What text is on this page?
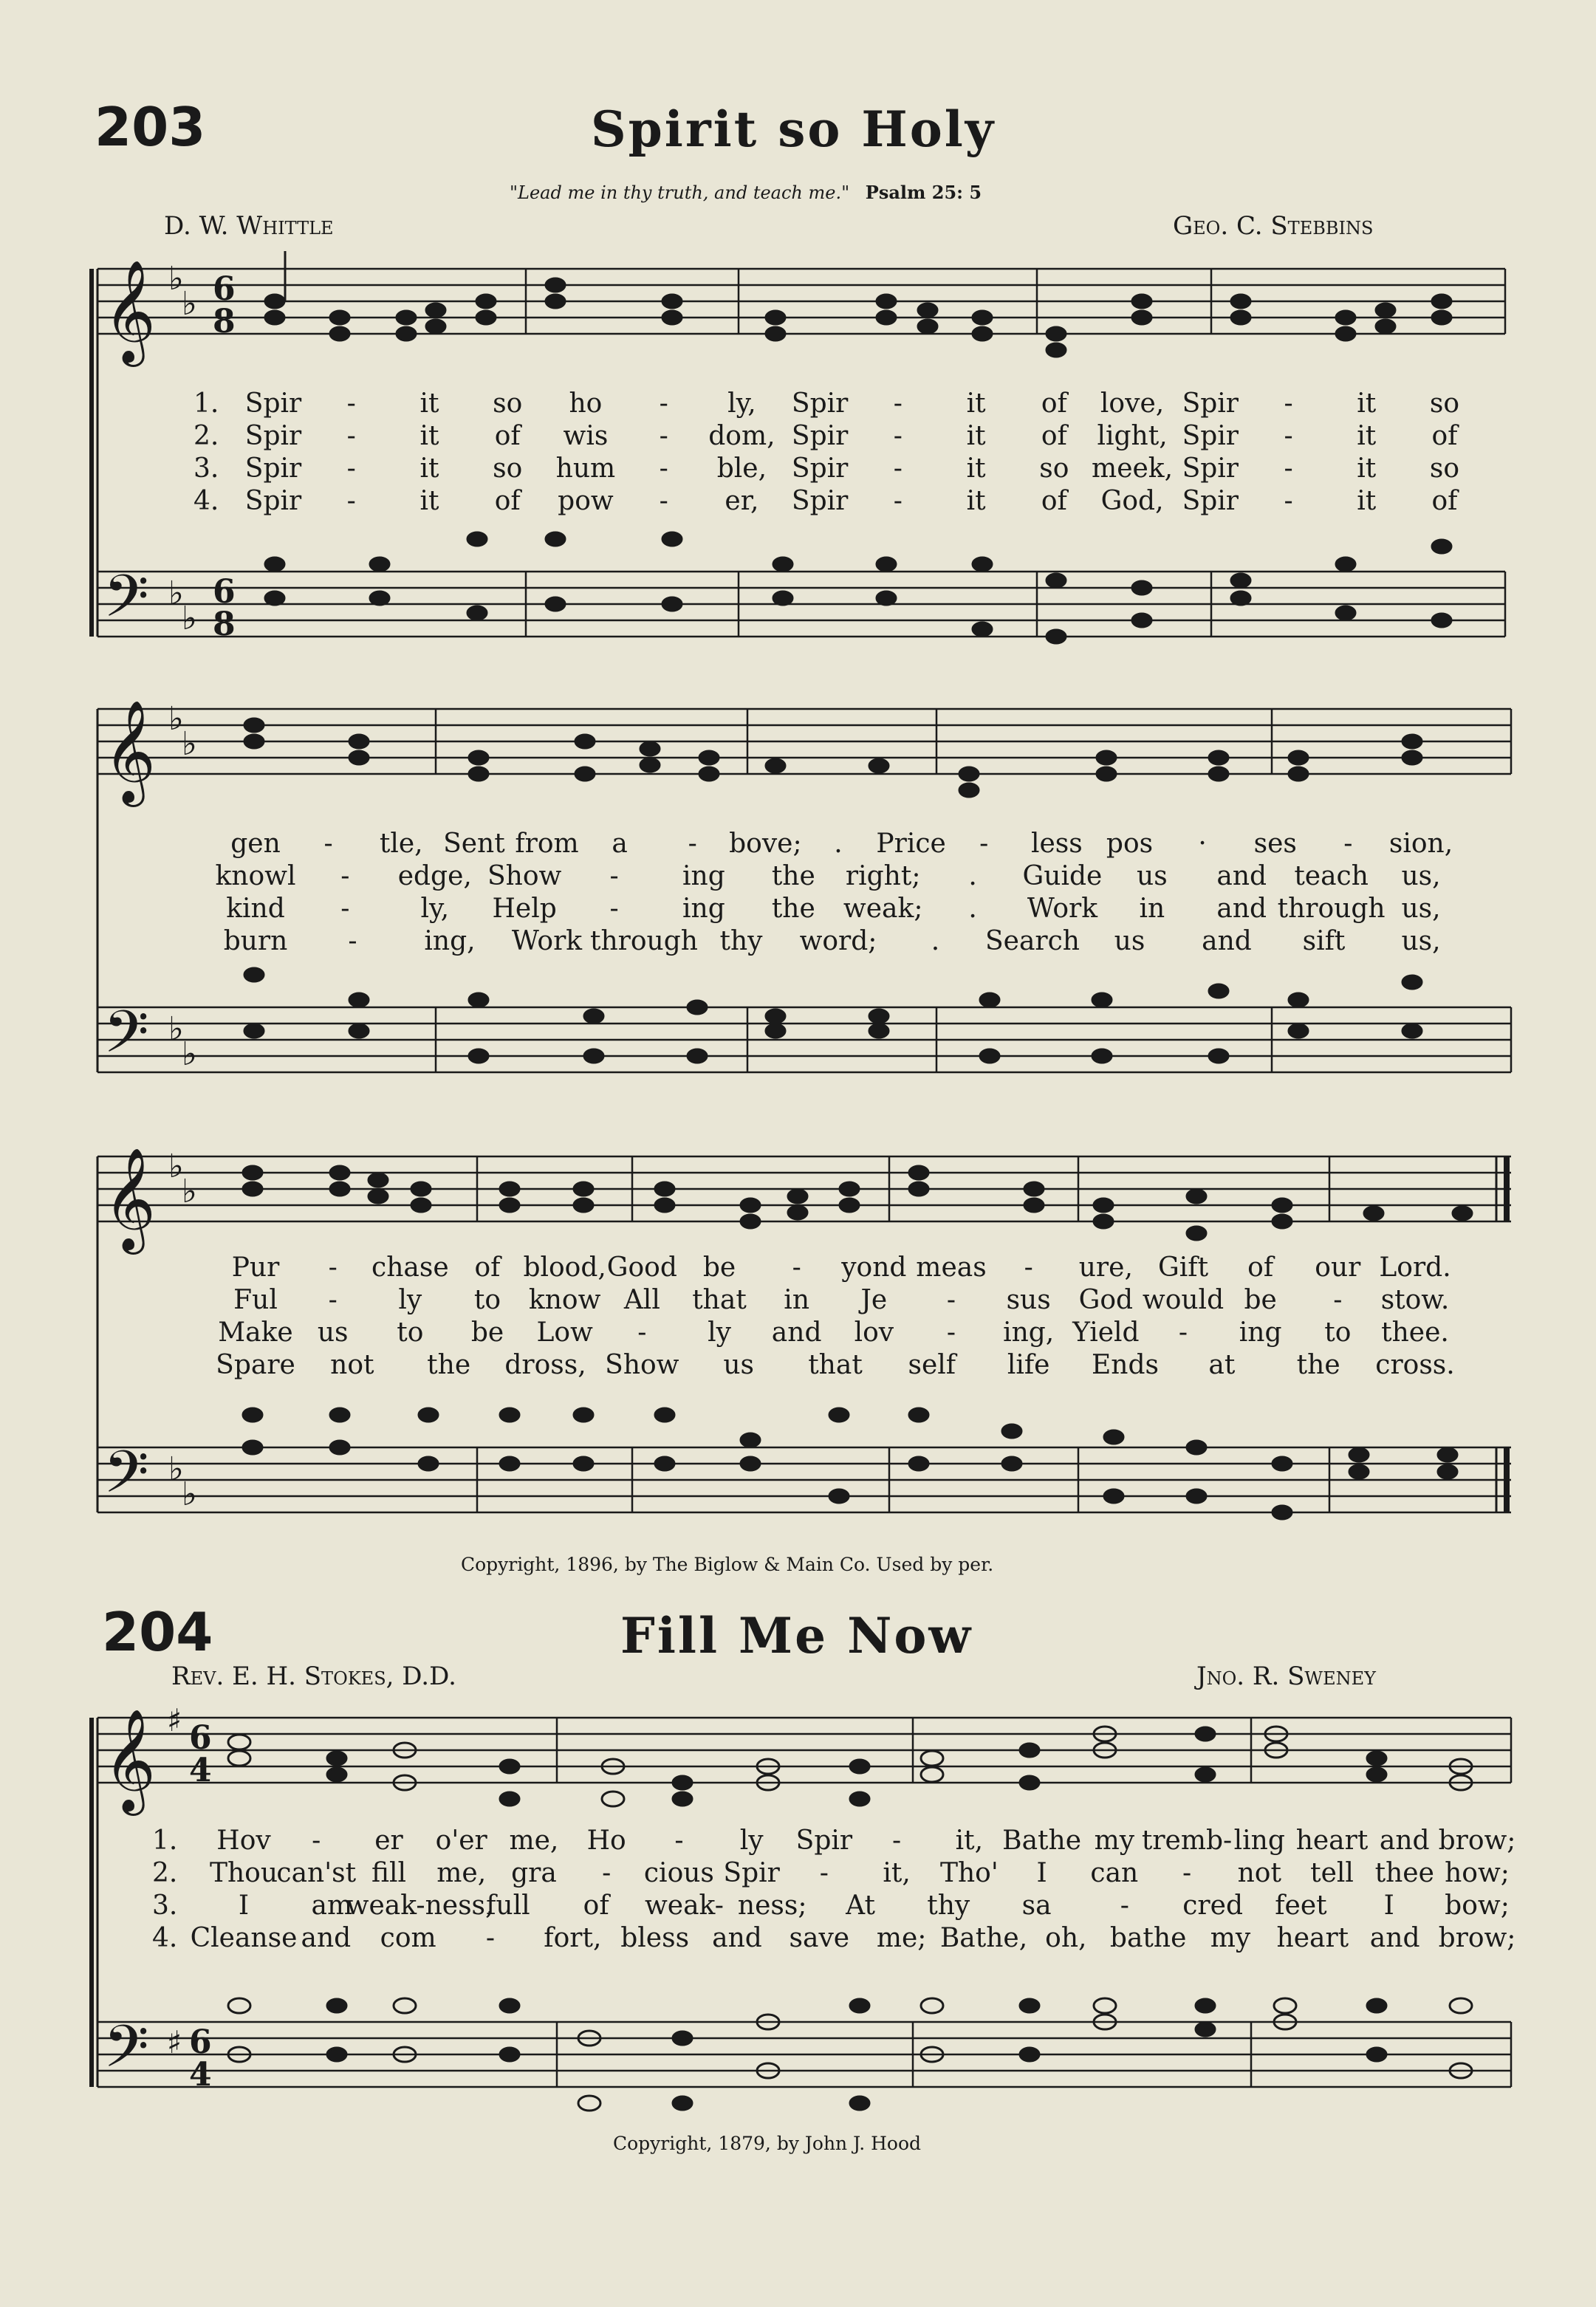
203	Spirit so Holy
"Lead me in thy truth, and teach me." Psalm 25: 5
D. W. Whittle	Geo. C. Stebbins
𝄞
𝄢
♭
♭
♭
♭
6
8
6
8
𝄞
𝄢
♭
♭
♭
♭
𝄞
𝄢
♭
♭
♭
♭
Copyright, 1896, by The Biglow & Main Co. Used by per.
204	Fill Me Now
Rev. E. H. Stokes, D.D.	Jno. R. Sweney
𝄞
𝄢
♯
♯
6
4
6
4
Copyright, 1879, by John J. Hood
1. Spir - it so ho - ly, Spir - it of love, Spir - it so
2. Spir - it of wis - dom, Spir - it of light, Spir - it of
3. Spir - it so hum - ble, Spir - it so meek, Spir - it so
4. Spir - it of pow - er, Spir - it of God, Spir - it of
gen - tle, Sent from a - bove; . Price - less pos · ses - sion,
knowl - edge, Show - ing the right; . Guide us and teach us,
kind -	ly, Help - ing the weak; . Work in and through us,
burn -	ing, Work through thy word; . Search us and sift us,
Pur - chase of blood, Good be - yond meas - ure, Gift of our Lord.
Ful - ly to know All that in Je - sus God would be - stow.
Make us to be Low - ly and lov - ing, Yield - ing to thee.
Spare not the dross, Show us that self life Ends at the cross.
1. Hov - er o'er me, Ho - ly Spir - it, Bathe my tremb- ling heart and brow;
2. Thou
can'st fill me, gra - cious Spir - it, Tho' I can - not tell thee how;
3. I am
weak-ness,
full of weak- ness; At thy sa	- cred feet I bow;
4. Cleanse and com - fort, bless and save me; Bathe, oh, bathe my heart and brow;
